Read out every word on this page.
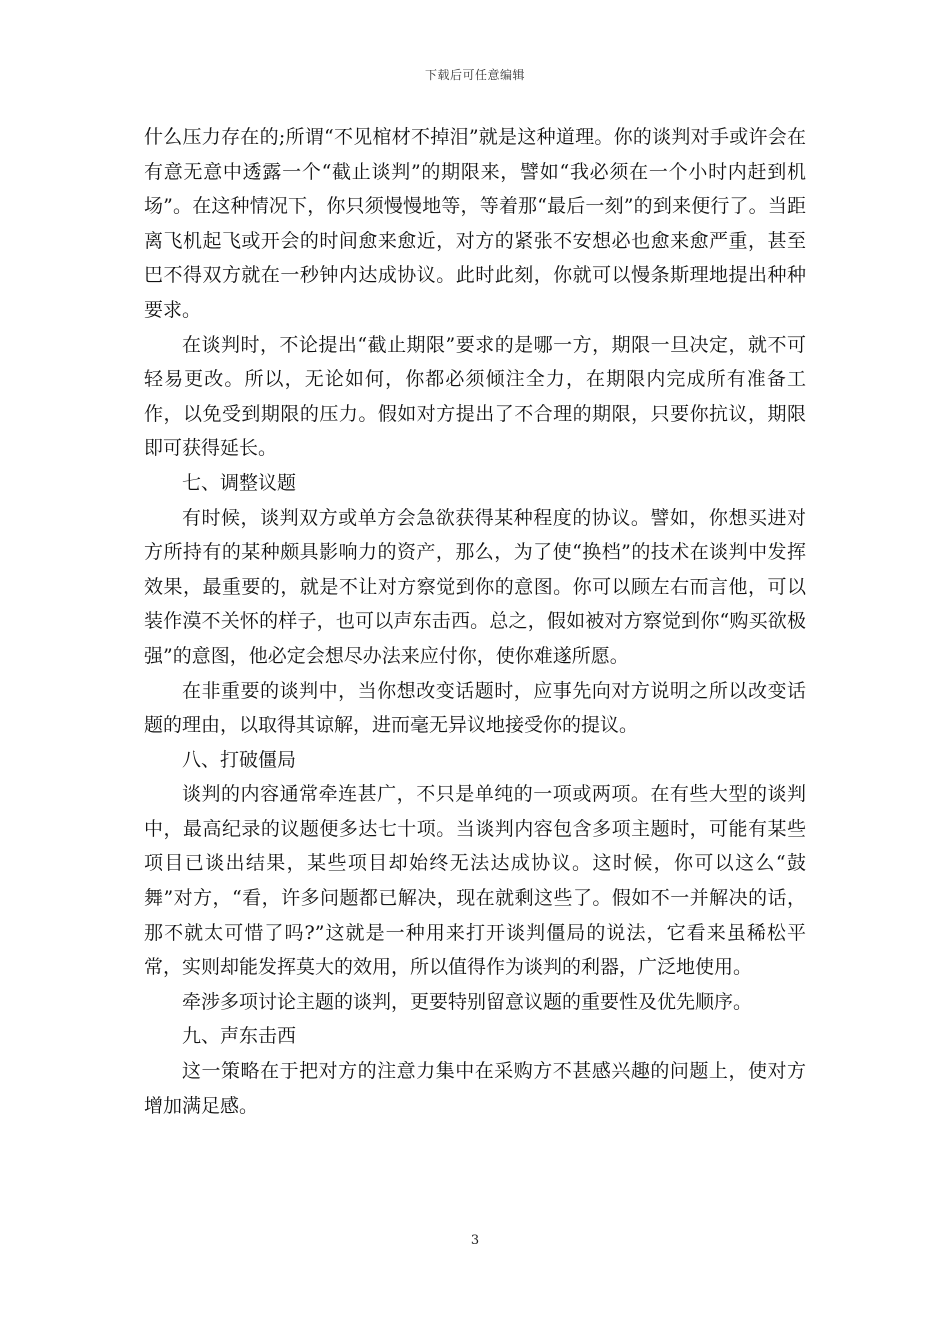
下载后可任意编辑

什么压力存在的;所谓“不见棺材不掉泪”就是这种道理。你的谈判对手或许会在有意无意中透露一个“截止谈判”的期限来，譬如“我必须在一个小时内赶到机场”。在这种情况下，你只须慢慢地等，等着那“最后一刻”的到来便行了。当距离飞机起飞或开会的时间愈来愈近，对方的紧张不安想必也愈来愈严重，甚至巴不得双方就在一秒钟内达成协议。此时此刻，你就可以慢条斯理地提出种种要求。

在谈判时，不论提出“截止期限”要求的是哪一方，期限一旦决定，就不可轻易更改。所以，无论如何，你都必须倾注全力，在期限内完成所有准备工作，以免受到期限的压力。假如对方提出了不合理的期限，只要你抗议，期限即可获得延长。

七、调整议题

有时候，谈判双方或单方会急欲获得某种程度的协议。譬如，你想买进对方所持有的某种颇具影响力的资产，那么，为了使“换档”的技术在谈判中发挥效果，最重要的，就是不让对方察觉到你的意图。你可以顾左右而言他，可以装作漠不关怀的样子，也可以声东击西。总之，假如被对方察觉到你“购买欲极强”的意图，他必定会想尽办法来应付你，使你难遂所愿。

在非重要的谈判中，当你想改变话题时，应事先向对方说明之所以改变话题的理由，以取得其谅解，进而毫无异议地接受你的提议。

八、打破僵局

谈判的内容通常牵连甚广，不只是单纯的一项或两项。在有些大型的谈判中，最高纪录的议题便多达七十项。当谈判内容包含多项主题时，可能有某些项目已谈出结果，某些项目却始终无法达成协议。这时候，你可以这么“鼓舞”对方，“看，许多问题都已解决，现在就剩这些了。假如不一并解决的话，那不就太可惜了吗?”这就是一种用来打开谈判僵局的说法，它看来虽稀松平常，实则却能发挥莫大的效用，所以值得作为谈判的利器，广泛地使用。

牵涉多项讨论主题的谈判，更要特别留意议题的重要性及优先顺序。

九、声东击西

这一策略在于把对方的注意力集中在采购方不甚感兴趣的问题上，使对方增加满足感。

3
